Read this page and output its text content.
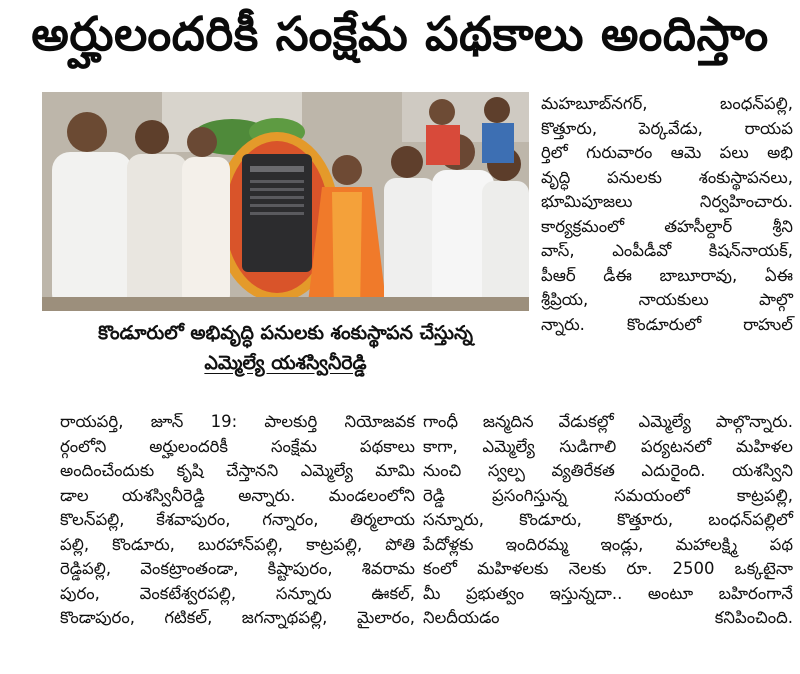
అర్హులందరికీ సంక్షేమ పథకాలు అందిస్తాం
కొండూరులో అభివృద్ధి పనులకు శంకుస్థాపన చేస్తున్న
ఎమ్మెల్యే యశస్వినీరెడ్డి
మహబూబ్‌నగర్, బంధన్‌పల్లి,
కొత్తూరు, పెర్కవేడు, రాయప
ర్తిలో గురువారం ఆమె పలు అభి
వృద్ధి పనులకు శంకుస్థాపనలు,
భూమిపూజలు నిర్వహించారు.
కార్యక్రమంలో తహసీల్దార్ శ్రీని
వాస్, ఎంపీడీవో కిషన్‌నాయక్,
పీఆర్ డీఈ బాబూరావు, ఏఈ
శ్రీప్రియ, నాయకులు పాల్గొ
న్నారు. కొండూరులో రాహుల్
రాయపర్తి, జూన్ 19: పాలకుర్తి నియోజవక
ర్గంలోని అర్హులందరికీ సంక్షేమ పథకాలు
అందించేందుకు కృషి చేస్తానని ఎమ్మెల్యే మామి
డాల యశస్వినీరెడ్డి అన్నారు. మండలంలోని
కొలన్‌పల్లి, కేశవాపురం, గన్నారం, తిర్మలాయ
పల్లి, కొండూరు, బురహాన్‌పల్లి, కాట్రపల్లి, పోతి
రెడ్డిపల్లి, వెంకట్రాంతండా, కిష్టాపురం, శివరామ
పురం, వెంకటేశ్వరపల్లి, సన్నూరు ఊకల్,
కొండాపురం, గటికల్, జగన్నాథపల్లి, మైలారం,
గాంధీ జన్మదిన వేడుకల్లో ఎమ్మెల్యే పాల్గొన్నారు.
కాగా, ఎమ్మెల్యే సుడిగాలి పర్యటనలో మహిళల
నుంచి స్వల్ప వ్యతిరేకత ఎదురైంది. యశస్విని
రెడ్డి ప్రసంగిస్తున్న సమయంలో కాట్రపల్లి,
సన్నూరు, కొండూరు, కొత్తూరు, బంధన్‌పల్లిలో
పేదోళ్లకు ఇందిరమ్మ ఇండ్లు, మహాలక్ష్మి పథ
కంలో మహిళలకు నెలకు రూ. 2500 ఒక్కటైనా
మీ ప్రభుత్వం ఇస్తున్నదా.. అంటూ బహిరంగానే
నిలదీయడం కనిపించింది.
